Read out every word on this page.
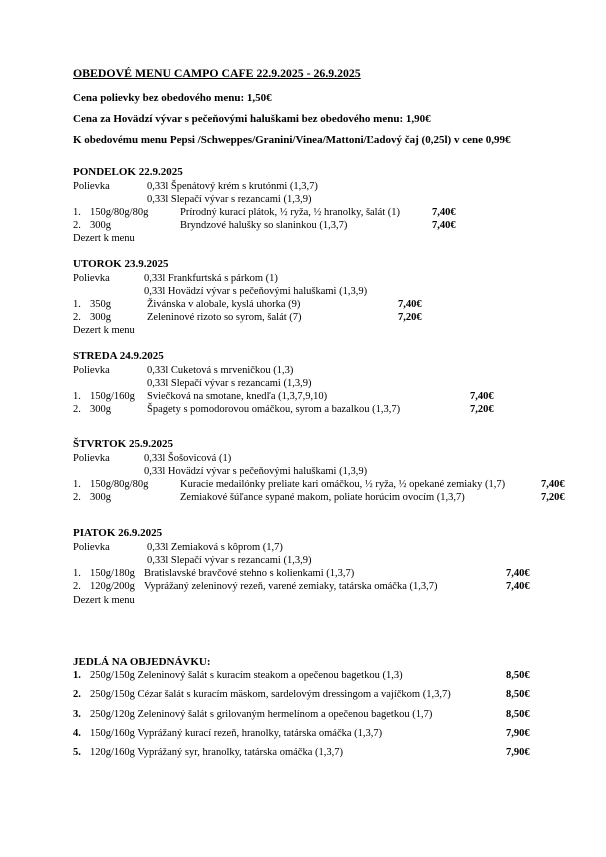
OBEDOVÉ MENU CAMPO CAFE 22.9.2025 - 26.9.2025
Cena polievky bez obedového menu: 1,50€
Cena za Hovädzí vývar s pečeňovými haluškami bez obedového menu: 1,90€
K obedovému menu Pepsi /Schweppes/Granini/Vinea/Mattoni/Ľadový čaj (0,25l) v cene 0,99€
PONDELOK 22.9.2025
Polievka	0,33l Špenátový krém s krutónmi (1,3,7)
0,33l Slepačí vývar s rezancami (1,3,9)
1. 150g/80g/80g	Prírodný kurací plátok, ½ ryža, ½ hranolky, šalát (1)	7,40€
2. 300g	Bryndzové halušky so slaninkou (1,3,7)	7,40€
Dezert k menu
UTOROK 23.9.2025
Polievka	0,33l Frankfurtská s párkom (1)
0,33l Hovädzí vývar s pečeňovými haluškami (1,3,9)
1. 350g	Živánska v alobale, kyslá uhorka (9)	7,40€
2. 300g	Zeleninové rizoto so syrom, šalát (7)	7,20€
Dezert k menu
STREDA 24.9.2025
Polievka	0,33l Cuketová s mrveničkou (1,3)
0,33l Slepačí vývar s rezancami (1,3,9)
1. 150g/160g Sviečková na smotane, knedľa (1,3,7,9,10)	7,40€
2. 300g	Špagety s pomodorovou omáčkou, syrom a bazalkou (1,3,7)	7,20€
ŠTVRTOK 25.9.2025
Polievka	0,33l Šošovicová (1)
0,33l Hovädzí vývar s pečeňovými haluškami (1,3,9)
1. 150g/80g/80g	Kuracie medailónky preliate kari omáčkou, ½ ryža, ½ opekané zemiaky (1,7)	7,40€
2. 300g	Zemiakové šúľance sypané makom, poliate horúcim ovocím (1,3,7)	7,20€
PIATOK 26.9.2025
Polievka	0,33l Zemiaková s kôprom (1,7)
0,33l Slepačí vývar s rezancami (1,3,9)
1. 150g/180g Bratislavské bravčové stehno s kolienkami (1,3,7)	7,40€
2. 120g/200g Vyprážaný zeleninový rezeň, varené zemiaky, tatárska omáčka (1,3,7)	7,40€
Dezert k menu
JEDLÁ NA OBJEDNÁVKU:
1. 250g/150g Zeleninový šalát s kuracím steakom a opečenou bagetkou (1,3)	8,50€
2. 250g/150g Cézar šalát s kuracím mäskom, sardelovým dressingom a vajíčkom (1,3,7)	8,50€
3. 250g/120g Zeleninový šalát s grilovaným hermelínom a opečenou bagetkou (1,7)	8,50€
4. 150g/160g Vyprážaný kurací rezeň, hranolky, tatárska omáčka (1,3,7)	7,90€
5. 120g/160g Vyprážaný syr, hranolky, tatárska omáčka (1,3,7)	7,90€
